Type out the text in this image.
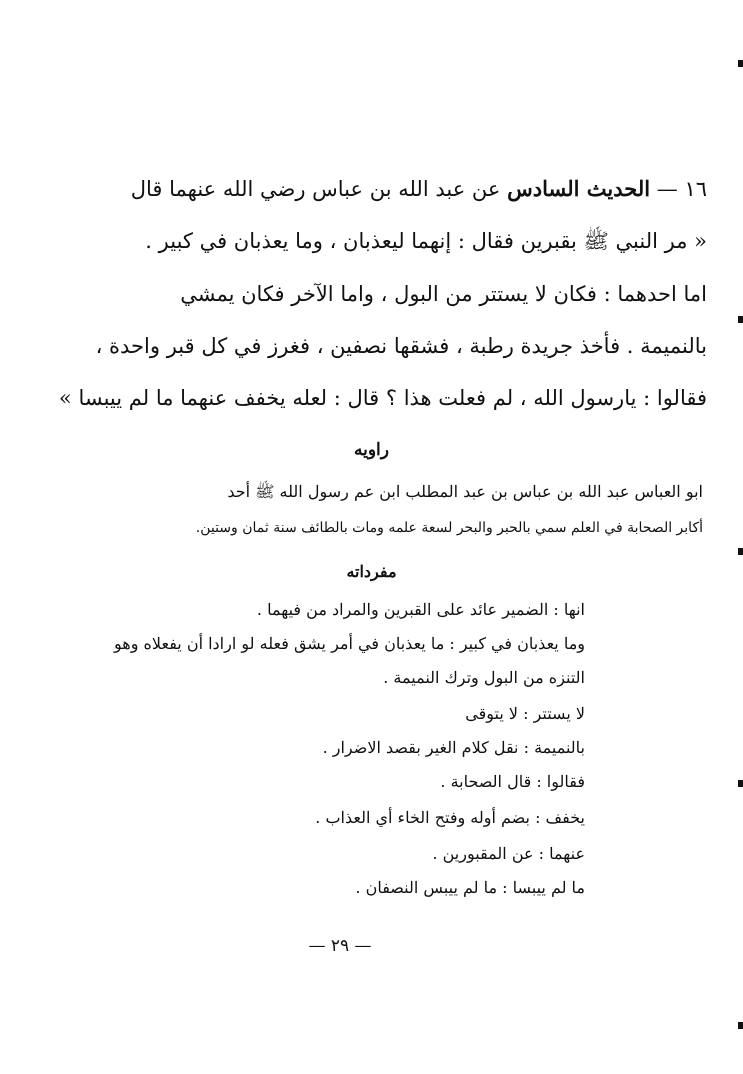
١٦ — الحديث السادس عن عبد الله بن عباس رضي الله عنهما قال
« مر النبي ﷺ بقبرين فقال : إنهما ليعذبان ، وما يعذبان في كبير .
اما احدهما : فكان لا يستتر من البول ، واما الآخر فكان يمشي
بالنميمة . فأخذ جريدة رطبة ، فشقها نصفين ، فغرز في كل قبر واحدة ،
فقالوا : يارسول الله ، لم فعلت هذا ؟ قال : لعله يخفف عنهما ما لم ييبسا »
راويه
ابو العباس عبد الله بن عباس بن عبد المطلب ابن عم رسول الله ﷺ أحد
أكابر الصحابة في العلم سمي بالحبر والبحر لسعة علمه ومات بالطائف سنة ثمان وستين.
مفرداته
انها : الضمير عائد على القبرين والمراد من فيهما .
وما يعذبان في كبير : ما يعذبان في أمر يشق فعله لو ارادا أن يفعلاه وهو
التنزه من البول وترك النميمة .
لا يستتر : لا يتوقى
بالنميمة : نقل كلام الغير بقصد الاضرار .
فقالوا : قال الصحابة .
يخفف : بضم أوله وفتح الخاء أي العذاب .
عنهما : عن المقبورين .
ما لم ييبسا : ما لم ييبس النصفان .
— ٢٩ —
